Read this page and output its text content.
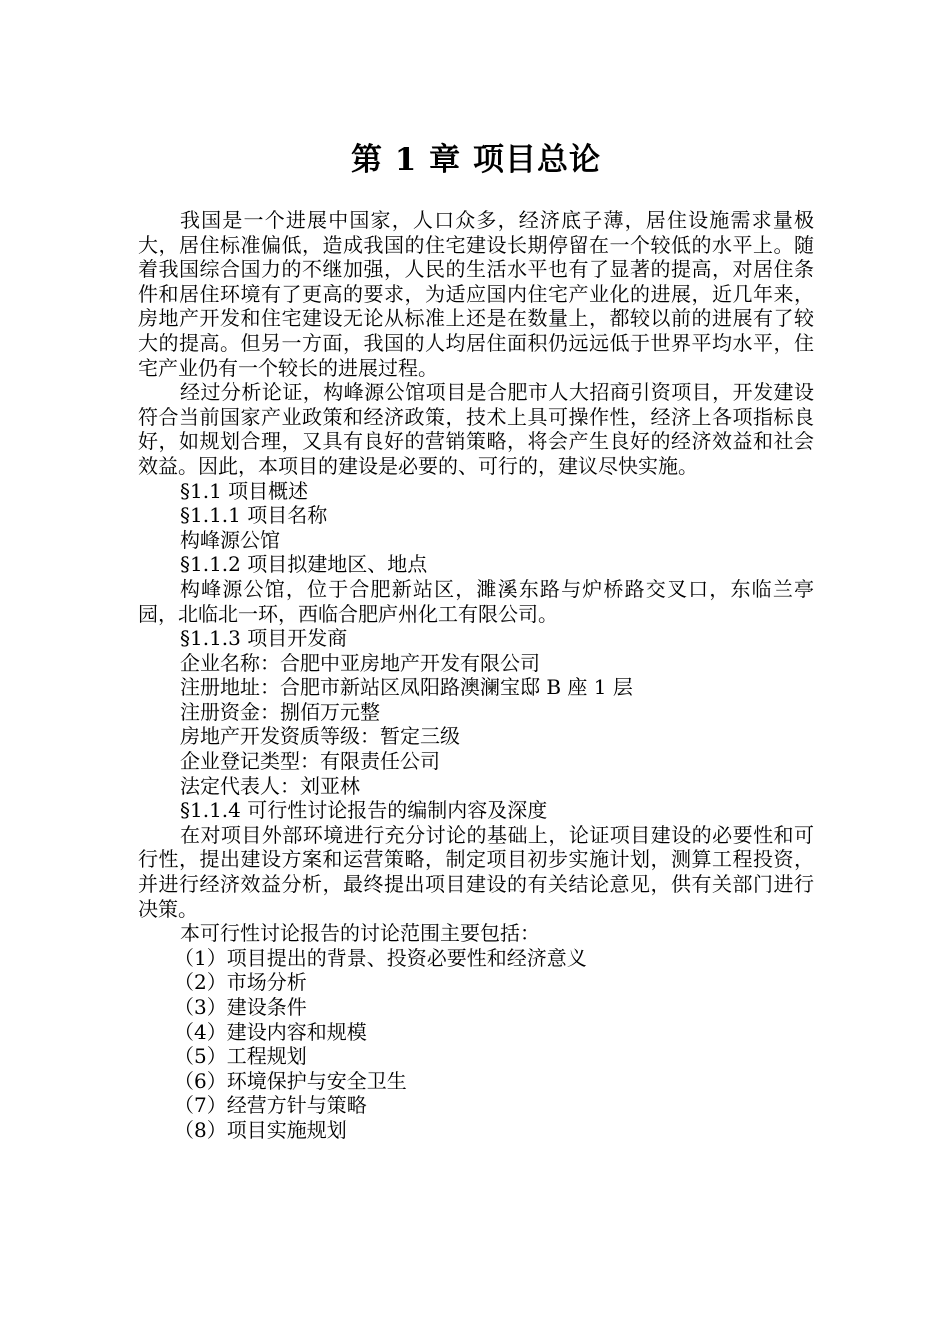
第 1 章 项目总论

我国是一个进展中国家，人口众多，经济底子薄，居住设施需求量极大，居住标准偏低，造成我国的住宅建设长期停留在一个较低的水平上。随着我国综合国力的不继加强，人民的生活水平也有了显著的提高，对居住条件和居住环境有了更高的要求，为适应国内住宅产业化的进展，近几年来，房地产开发和住宅建设无论从标准上还是在数量上，都较以前的进展有了较大的提高。但另一方面，我国的人均居住面积仍远远低于世界平均水平，住宅产业仍有一个较长的进展过程。

经过分析论证，构峰源公馆项目是合肥市人大招商引资项目，开发建设符合当前国家产业政策和经济政策，技术上具可操作性，经济上各项指标良好，如规划合理，又具有良好的营销策略，将会产生良好的经济效益和社会效益。因此，本项目的建设是必要的、可行的，建议尽快实施。

§1.1 项目概述

§1.1.1 项目名称

构峰源公馆

§1.1.2 项目拟建地区、地点

构峰源公馆，位于合肥新站区，濉溪东路与炉桥路交叉口，东临兰亭园，北临北一环，西临合肥庐州化工有限公司。

§1.1.3 项目开发商

企业名称：合肥中亚房地产开发有限公司

注册地址：合肥市新站区凤阳路澳澜宝邸 B 座 1 层

注册资金：捌佰万元整

房地产开发资质等级：暂定三级

企业登记类型：有限责任公司

法定代表人：刘亚林

§1.1.4 可行性讨论报告的编制内容及深度

在对项目外部环境进行充分讨论的基础上，论证项目建设的必要性和可行性，提出建设方案和运营策略，制定项目初步实施计划，测算工程投资，并进行经济效益分析，最终提出项目建设的有关结论意见，供有关部门进行决策。

本可行性讨论报告的讨论范围主要包括：

（1）项目提出的背景、投资必要性和经济意义

（2）市场分析

（3）建设条件

（4）建设内容和规模

（5）工程规划

（6）环境保护与安全卫生

（7）经营方针与策略

（8）项目实施规划
